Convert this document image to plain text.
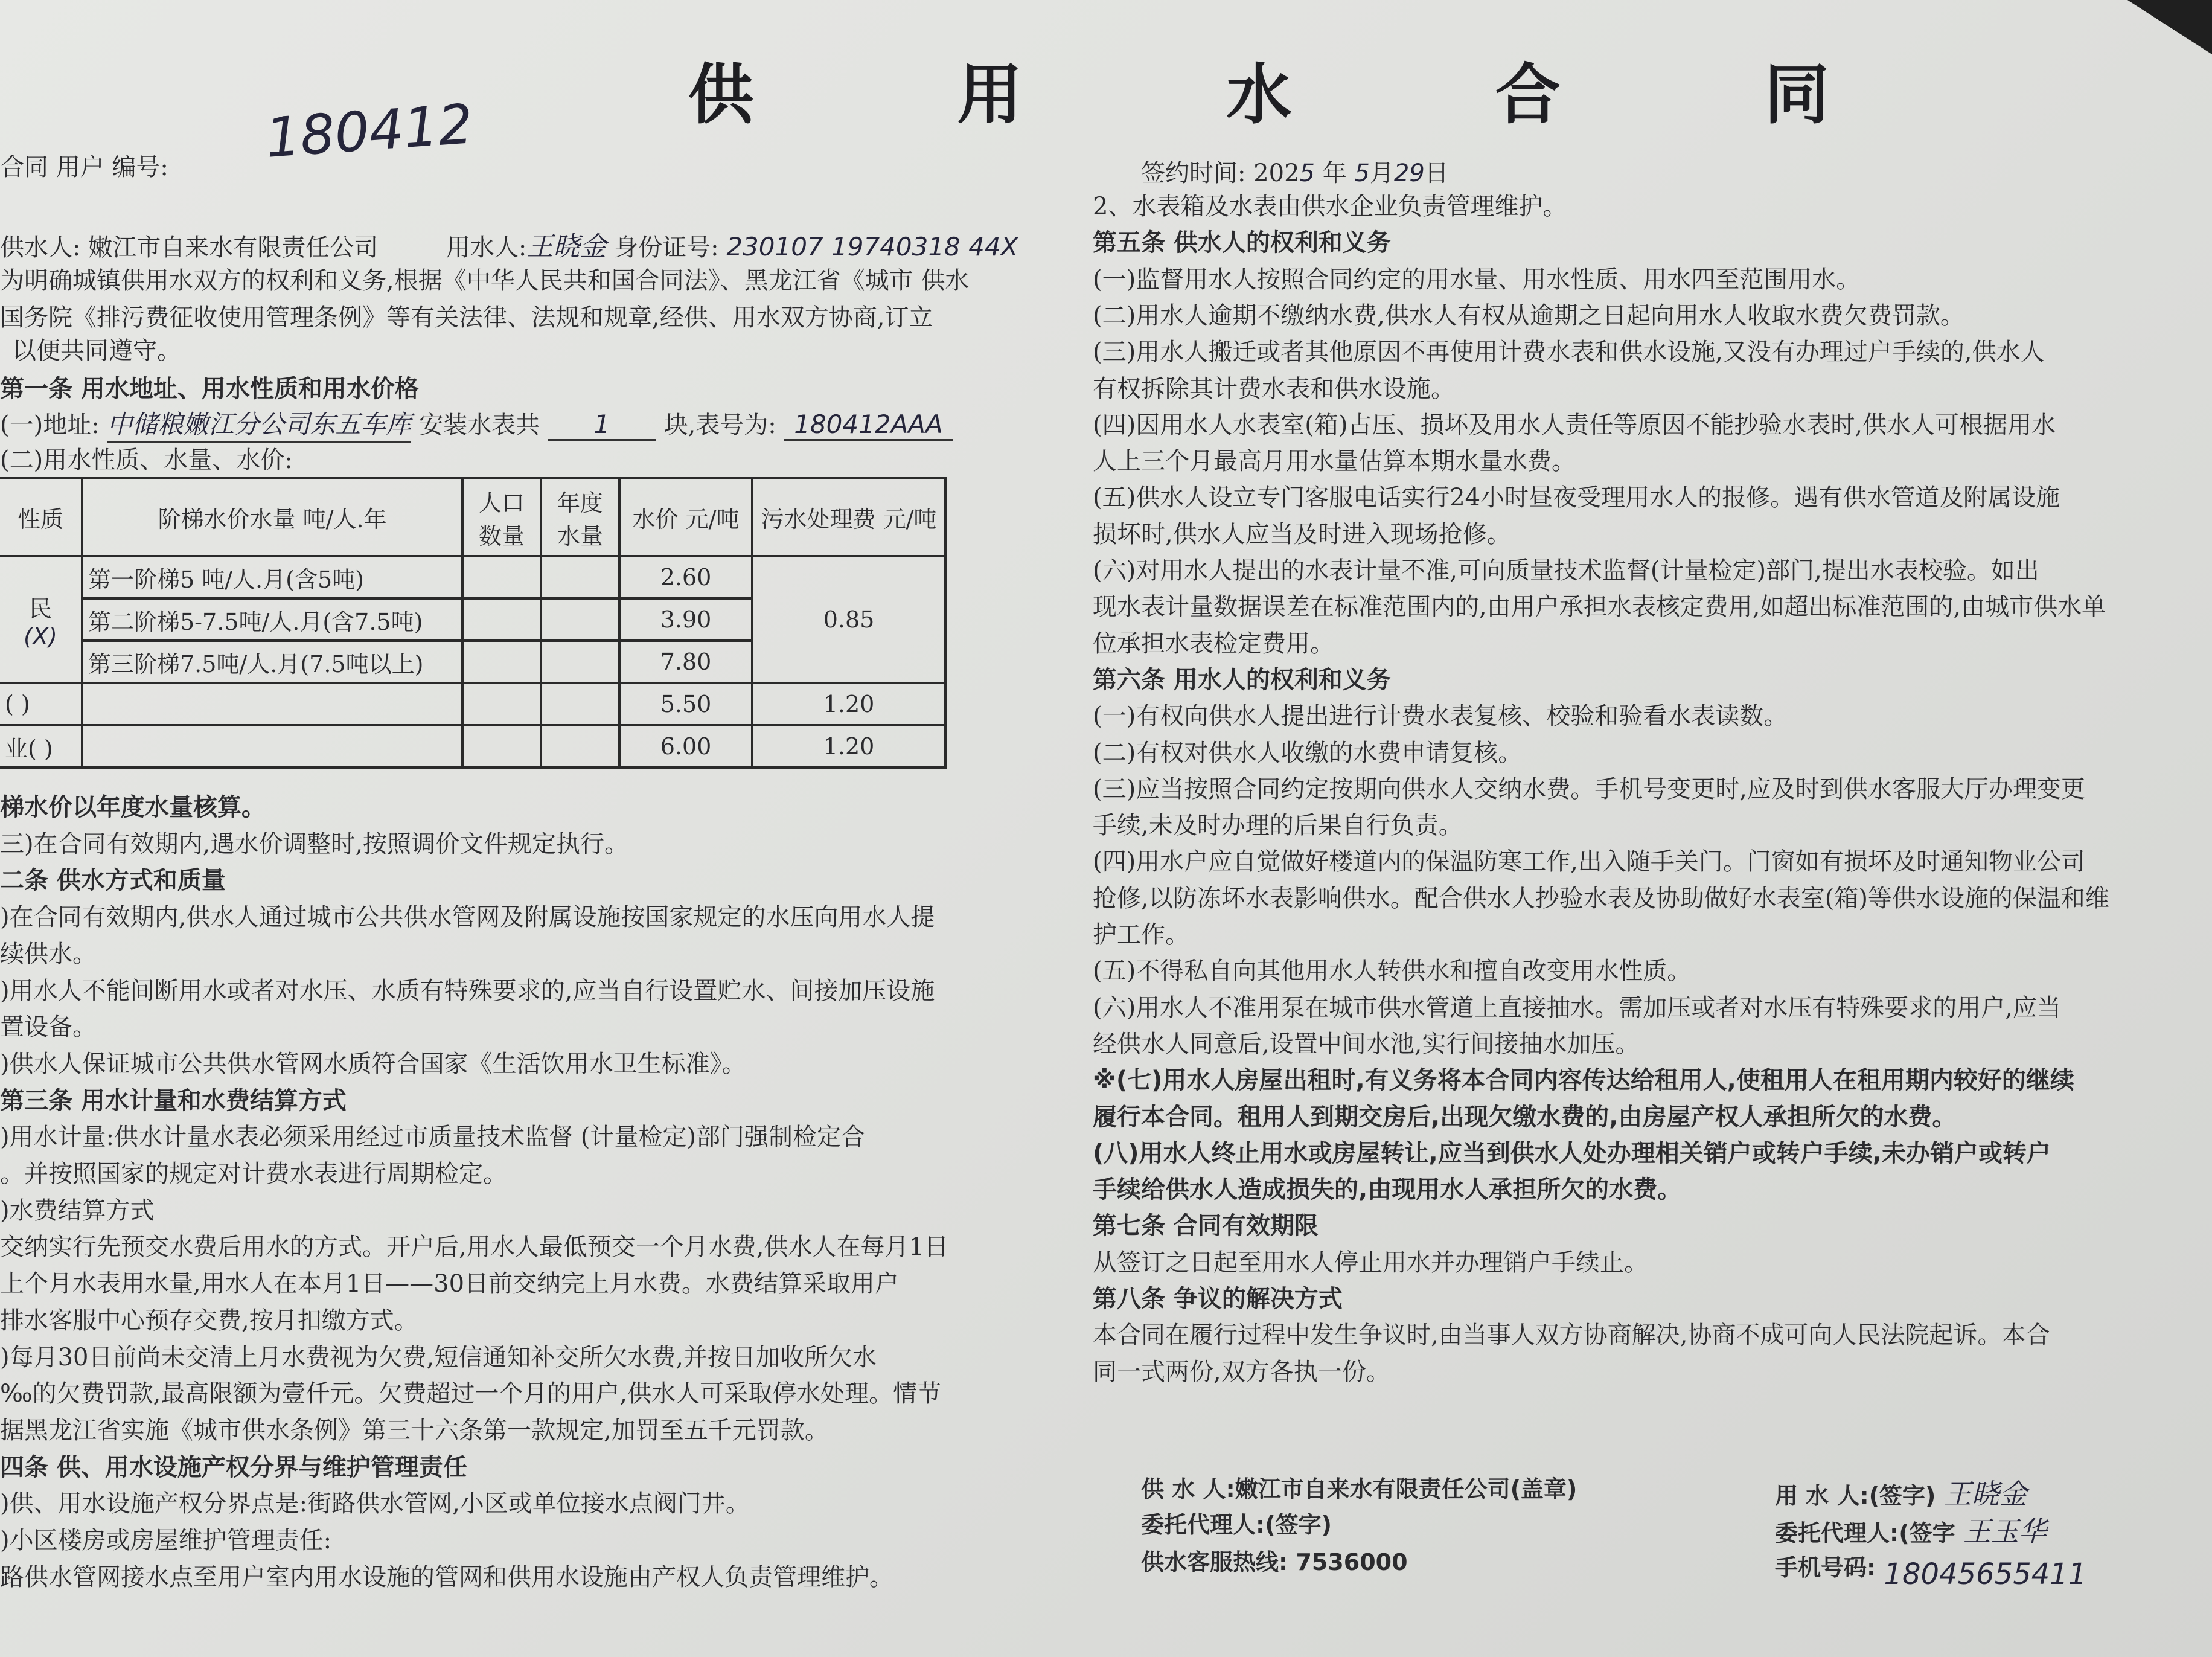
供 用 水 合 同
180412
合同 用户 编号:
供水人: 嫩江市自来水有限责任公司	用水人:王晓金 身份证号: 230107 19740318 44X
为明确城镇供用水双方的权利和义务,根据《中华人民共和国合同法》、黑龙江省《城市 供水
国务院《排污费征收使用管理条例》等有关法律、法规和规章,经供、用水双方协商,订立
以便共同遵守。
第一条 用水地址、用水性质和用水价格
(一)地址: 中储粮嫩江分公司东五车库 安装水表共 1 块,表号为: 180412AAA
(二)用水性质、水量、水价:
性质	阶梯水价水量 吨/人.年	人口数量	年度水量	水价 元/吨	污水处理费 元/吨

民
(X)	第一阶梯5 吨/人.月(含5吨)			2.60	0.85
	第二阶梯5-7.5吨/人.月(含7.5吨)			3.90	
	第三阶梯7.5吨/人.月(7.5吨以上)			7.80	
( )				5.50	1.20
业( )				6.00	1.20
梯水价以年度水量核算。
三)在合同有效期内,遇水价调整时,按照调价文件规定执行。
二条 供水方式和质量
)在合同有效期内,供水人通过城市公共供水管网及附属设施按国家规定的水压向用水人提
续供水。
)用水人不能间断用水或者对水压、水质有特殊要求的,应当自行设置贮水、间接加压设施
置设备。
)供水人保证城市公共供水管网水质符合国家《生活饮用水卫生标准》。
第三条 用水计量和水费结算方式
)用水计量:供水计量水表必须采用经过市质量技术监督 (计量检定)部门强制检定合
。并按照国家的规定对计费水表进行周期检定。
)水费结算方式
交纳实行先预交水费后用水的方式。开户后,用水人最低预交一个月水费,供水人在每月1日
上个月水表用水量,用水人在本月1日——30日前交纳完上月水费。水费结算采取用户
排水客服中心预存交费,按月扣缴方式。
)每月30日前尚未交清上月水费视为欠费,短信通知补交所欠水费,并按日加收所欠水
‰的欠费罚款,最高限额为壹仟元。欠费超过一个月的用户,供水人可采取停水处理。情节
据黑龙江省实施《城市供水条例》第三十六条第一款规定,加罚至五千元罚款。
四条 供、用水设施产权分界与维护管理责任
)供、用水设施产权分界点是:街路供水管网,小区或单位接水点阀门井。
)小区楼房或房屋维护管理责任:
路供水管网接水点至用户室内用水设施的管网和供用水设施由产权人负责管理维护。
签约时间: 2025 年 5月29日
2、水表箱及水表由供水企业负责管理维护。
第五条 供水人的权利和义务
(一)监督用水人按照合同约定的用水量、用水性质、用水四至范围用水。
(二)用水人逾期不缴纳水费,供水人有权从逾期之日起向用水人收取水费欠费罚款。
(三)用水人搬迁或者其他原因不再使用计费水表和供水设施,又没有办理过户手续的,供水人
有权拆除其计费水表和供水设施。
(四)因用水人水表室(箱)占压、损坏及用水人责任等原因不能抄验水表时,供水人可根据用水
人上三个月最高月用水量估算本期水量水费。
(五)供水人设立专门客服电话实行24小时昼夜受理用水人的报修。遇有供水管道及附属设施
损坏时,供水人应当及时进入现场抢修。
(六)对用水人提出的水表计量不准,可向质量技术监督(计量检定)部门,提出水表校验。如出
现水表计量数据误差在标准范围内的,由用户承担水表核定费用,如超出标准范围的,由城市供水单
位承担水表检定费用。
第六条 用水人的权利和义务
(一)有权向供水人提出进行计费水表复核、校验和验看水表读数。
(二)有权对供水人收缴的水费申请复核。
(三)应当按照合同约定按期向供水人交纳水费。手机号变更时,应及时到供水客服大厅办理变更
手续,未及时办理的后果自行负责。
(四)用水户应自觉做好楼道内的保温防寒工作,出入随手关门。门窗如有损坏及时通知物业公司
抢修,以防冻坏水表影响供水。配合供水人抄验水表及协助做好水表室(箱)等供水设施的保温和维
护工作。
(五)不得私自向其他用水人转供水和擅自改变用水性质。
(六)用水人不准用泵在城市供水管道上直接抽水。需加压或者对水压有特殊要求的用户,应当
经供水人同意后,设置中间水池,实行间接抽水加压。
※(七)用水人房屋出租时,有义务将本合同内容传达给租用人,使租用人在租用期内较好的继续
履行本合同。租用人到期交房后,出现欠缴水费的,由房屋产权人承担所欠的水费。
(八)用水人终止用水或房屋转让,应当到供水人处办理相关销户或转户手续,未办销户或转户
手续给供水人造成损失的,由现用水人承担所欠的水费。
第七条 合同有效期限
从签订之日起至用水人停止用水并办理销户手续止。
第八条 争议的解决方式
本合同在履行过程中发生争议时,由当事人双方协商解决,协商不成可向人民法院起诉。本合
同一式两份,双方各执一份。
供 水 人:嫩江市自来水有限责任公司(盖章)
委托代理人:(签字)
供水客服热线: 7536000
用 水 人:(签字) 王晓金
委托代理人:(签字 王玉华
手机号码: 18045655411
